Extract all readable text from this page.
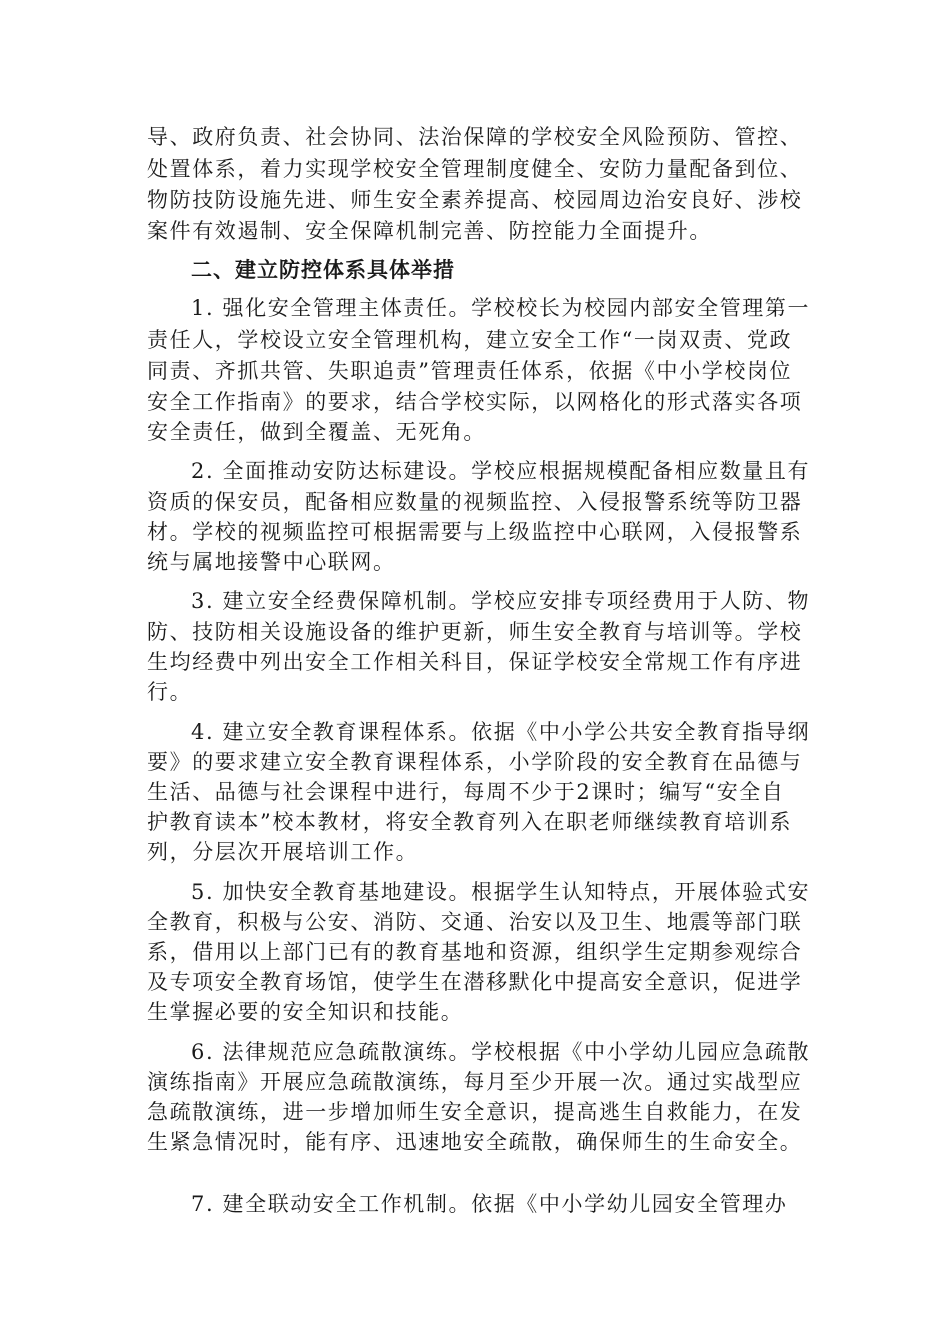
导、政府负责、社会协同、法治保障的学校安全风险预防、管控、
处置体系，着力实现学校安全管理制度健全、安防力量配备到位、
物防技防设施先进、师生安全素养提高、校园周边治安良好、涉校
案件有效遏制、安全保障机制完善、防控能力全面提升。
二、建立防控体系具体举措
1. 强化安全管理主体责任。学校校长为校园内部安全管理第一
责任人，学校设立安全管理机构，建立安全工作“一岗双责、党政
同责、齐抓共管、失职追责”管理责任体系，依据《中小学校岗位
安全工作指南》的要求，结合学校实际，以网格化的形式落实各项
安全责任，做到全覆盖、无死角。
2. 全面推动安防达标建设。学校应根据规模配备相应数量且有
资质的保安员，配备相应数量的视频监控、入侵报警系统等防卫器
材。学校的视频监控可根据需要与上级监控中心联网，入侵报警系
统与属地接警中心联网。
3. 建立安全经费保障机制。学校应安排专项经费用于人防、物
防、技防相关设施设备的维护更新，师生安全教育与培训等。学校
生均经费中列出安全工作相关科目，保证学校安全常规工作有序进
行。
4. 建立安全教育课程体系。依据《中小学公共安全教育指导纲
要》的要求建立安全教育课程体系，小学阶段的安全教育在品德与
生活、品德与社会课程中进行，每周不少于2课时；编写“安全自
护教育读本”校本教材，将安全教育列入在职老师继续教育培训系
列，分层次开展培训工作。
5. 加快安全教育基地建设。根据学生认知特点，开展体验式安
全教育，积极与公安、消防、交通、治安以及卫生、地震等部门联
系，借用以上部门已有的教育基地和资源，组织学生定期参观综合
及专项安全教育场馆，使学生在潜移默化中提高安全意识，促进学
生掌握必要的安全知识和技能。
6. 法律规范应急疏散演练。学校根据《中小学幼儿园应急疏散
演练指南》开展应急疏散演练，每月至少开展一次。通过实战型应
急疏散演练，进一步增加师生安全意识，提高逃生自救能力，在发
生紧急情况时，能有序、迅速地安全疏散，确保师生的生命安全。
7. 建全联动安全工作机制。依据《中小学幼儿园安全管理办
